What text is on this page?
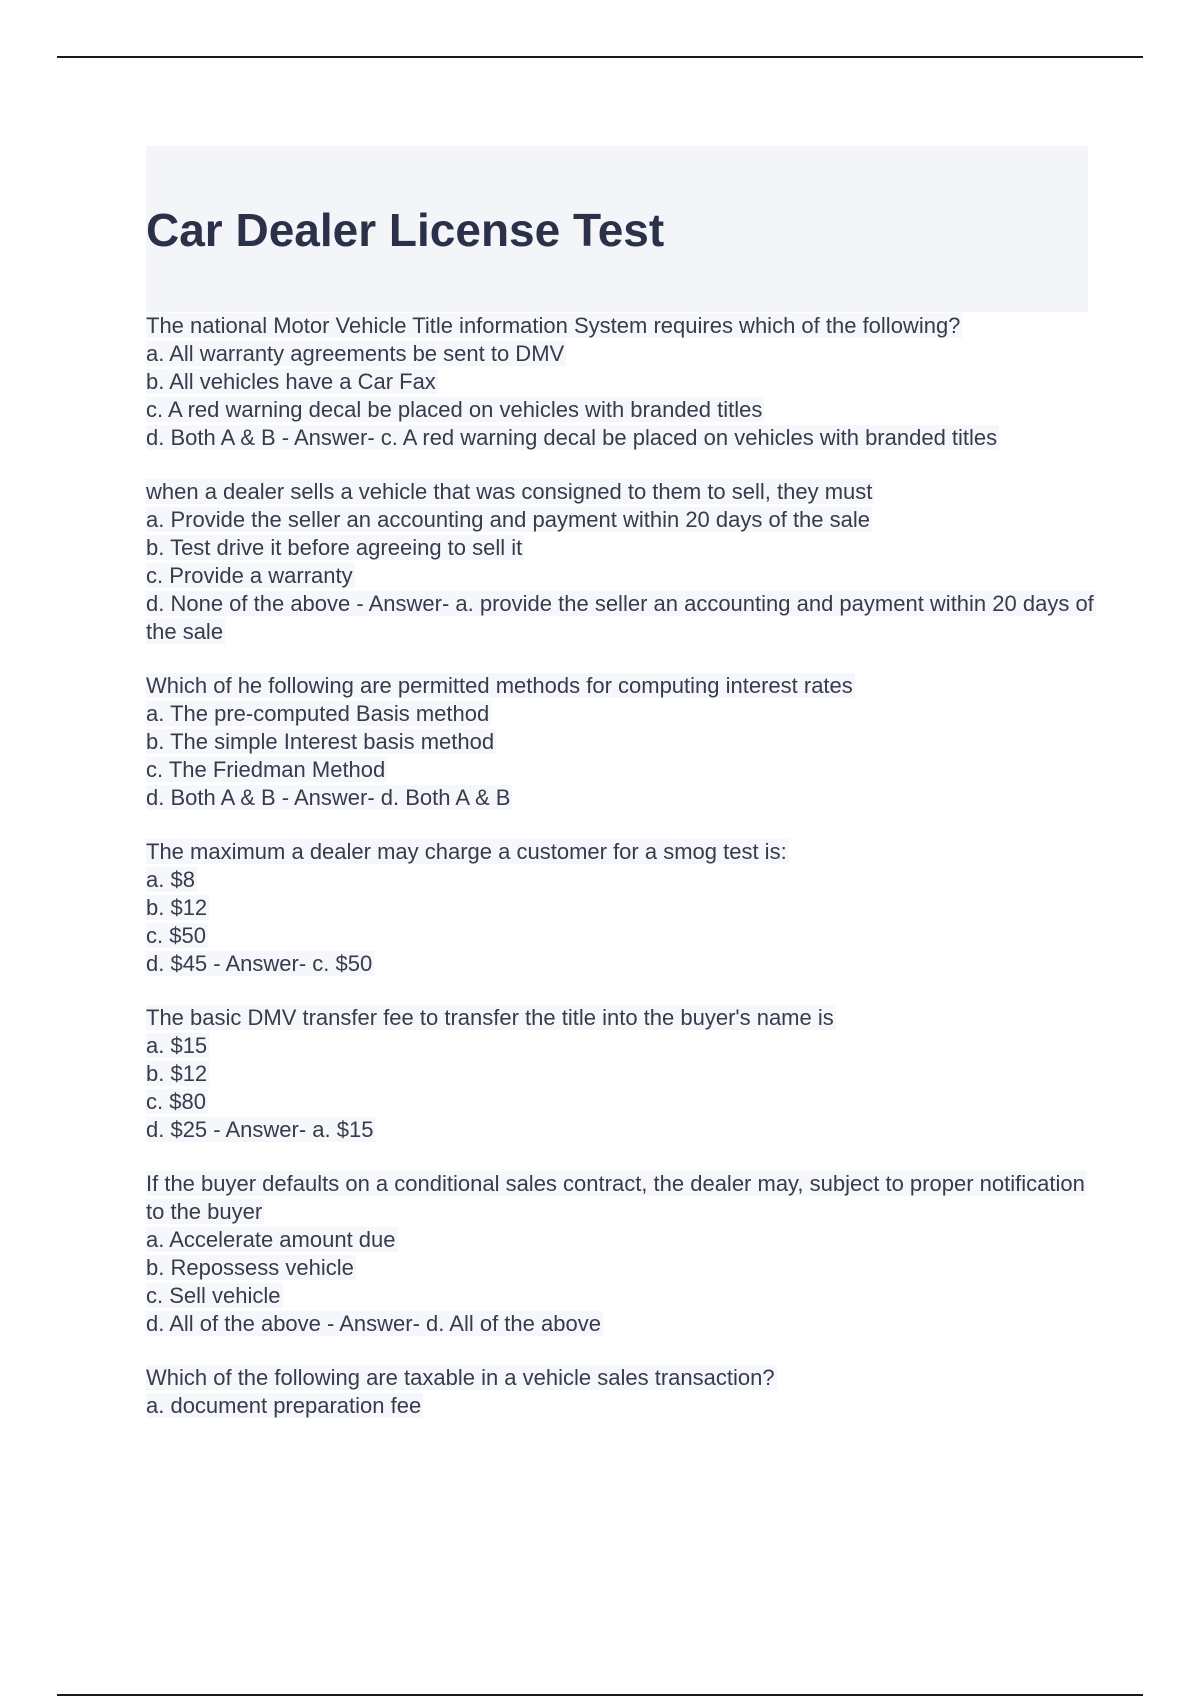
Car Dealer License Test
The national Motor Vehicle Title information System requires which of the following?
a. All warranty agreements be sent to DMV
b. All vehicles have a Car Fax
c. A red warning decal be placed on vehicles with branded titles
d. Both A & B - Answer- c. A red warning decal be placed on vehicles with branded titles
when a dealer sells a vehicle that was consigned to them to sell, they must
a. Provide the seller an accounting and payment within 20 days of the sale
b. Test drive it before agreeing to sell it
c. Provide a warranty
d. None of the above - Answer- a. provide the seller an accounting and payment within 20 days of the sale
Which of he following are permitted methods for computing interest rates
a. The pre-computed Basis method
b. The simple Interest basis method
c. The Friedman Method
d. Both A & B - Answer- d. Both A & B
The maximum a dealer may charge a customer for a smog test is:
a. $8
b. $12
c. $50
d. $45 - Answer- c. $50
The basic DMV transfer fee to transfer the title into the buyer's name is
a. $15
b. $12
c. $80
d. $25 - Answer- a. $15
If the buyer defaults on a conditional sales contract, the dealer may, subject to proper notification to the buyer
a. Accelerate amount due
b. Repossess vehicle
c. Sell vehicle
d. All of the above - Answer- d. All of the above
Which of the following are taxable in a vehicle sales transaction?
a. document preparation fee
